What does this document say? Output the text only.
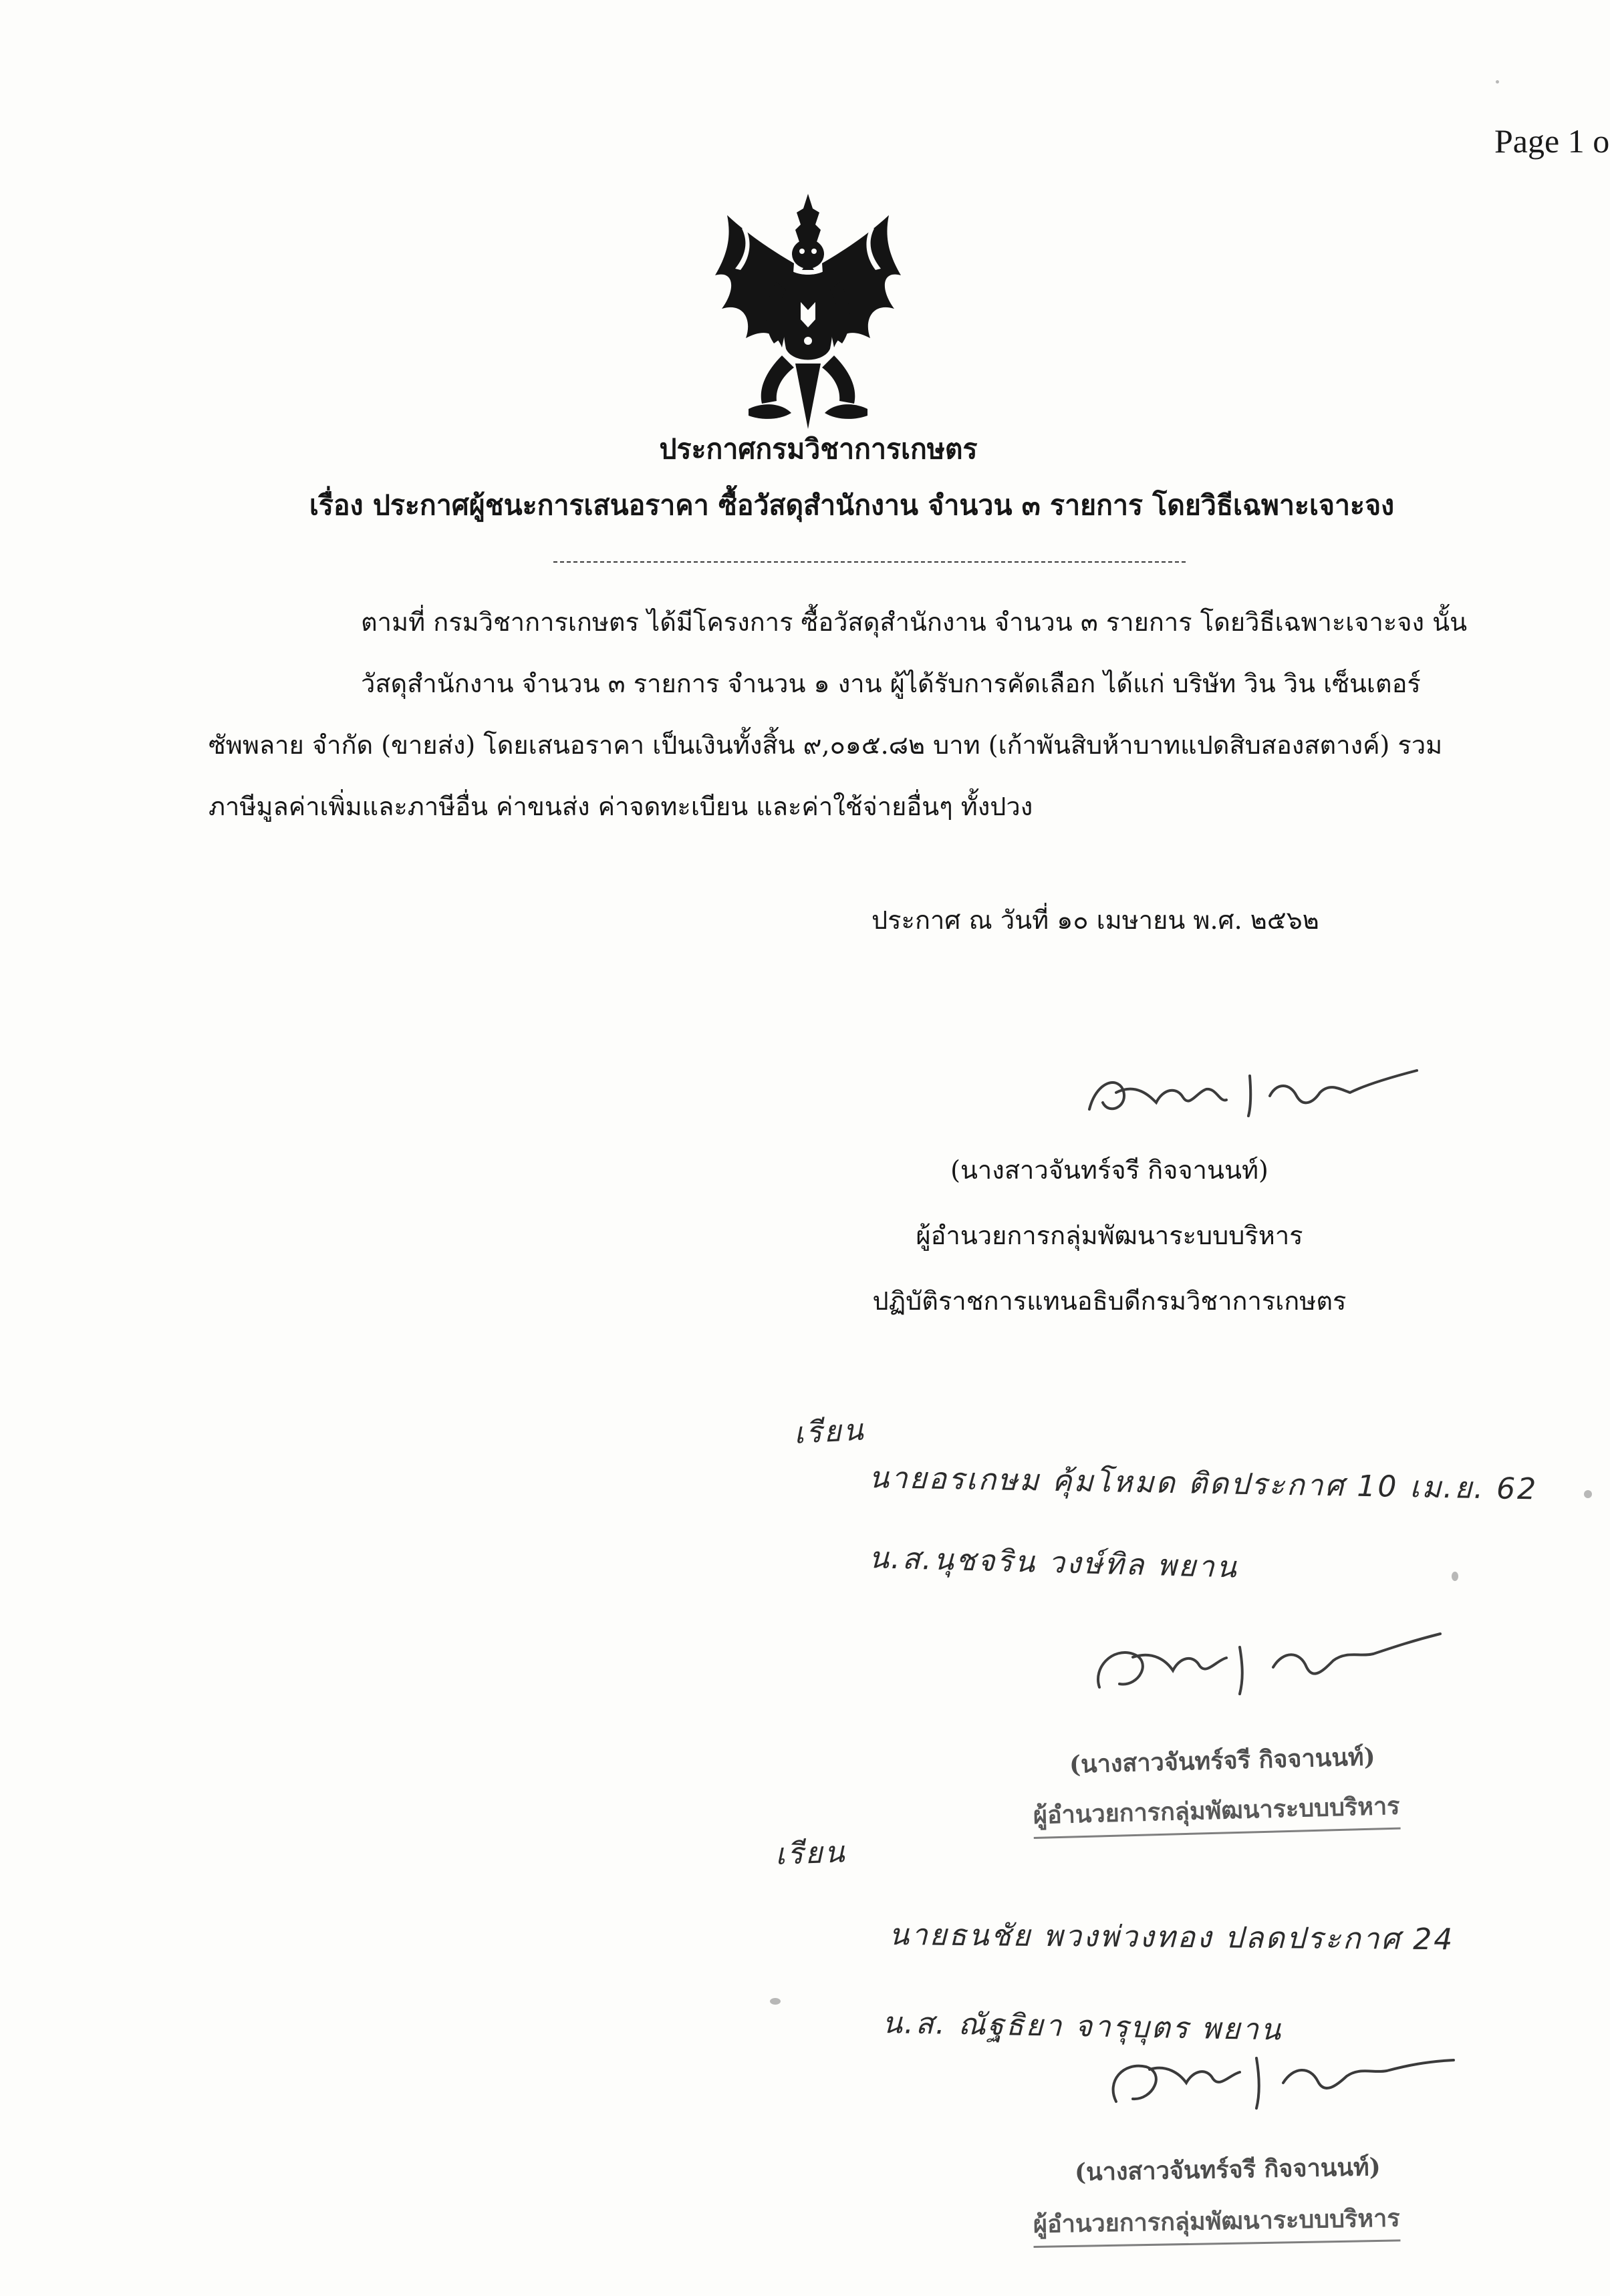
Page 1 o
ประกาศกรมวิชาการเกษตร
เรื่อง ประกาศผู้ชนะการเสนอราคา ซื้อวัสดุสำนักงาน จำนวน ๓ รายการ โดยวิธีเฉพาะเจาะจง
ตามที่ กรมวิชาการเกษตร ได้มีโครงการ ซื้อวัสดุสำนักงาน จำนวน ๓ รายการ โดยวิธีเฉพาะเจาะจง นั้น
วัสดุสำนักงาน จำนวน ๓ รายการ จำนวน ๑ งาน ผู้ได้รับการคัดเลือก ได้แก่ บริษัท วิน วิน เซ็นเตอร์
ซัพพลาย จำกัด (ขายส่ง) โดยเสนอราคา เป็นเงินทั้งสิ้น ๙,๐๑๕.๘๒ บาท (เก้าพันสิบห้าบาทแปดสิบสองสตางค์) รวม
ภาษีมูลค่าเพิ่มและภาษีอื่น ค่าขนส่ง ค่าจดทะเบียน และค่าใช้จ่ายอื่นๆ ทั้งปวง
ประกาศ ณ วันที่ ๑๐ เมษายน พ.ศ. ๒๕๖๒
(นางสาวจันทร์จรี กิจจานนท์)
ผู้อำนวยการกลุ่มพัฒนาระบบบริหาร
ปฏิบัติราชการแทนอธิบดีกรมวิชาการเกษตร
เรียน
นายอรเกษม คุ้มโหมด ติดประกาศ 10 เม.ย. 62
น.ส.นุชจริน วงษ์ทิล พยาน
(นางสาวจันทร์จรี กิจจานนท์)
ผู้อำนวยการกลุ่มพัฒนาระบบบริหาร
เรียน
นายธนชัย พวงพ่วงทอง ปลดประกาศ 24
น.ส. ณัฐธิยา จารุบุตร พยาน
(นางสาวจันทร์จรี กิจจานนท์)
ผู้อำนวยการกลุ่มพัฒนาระบบบริหาร
